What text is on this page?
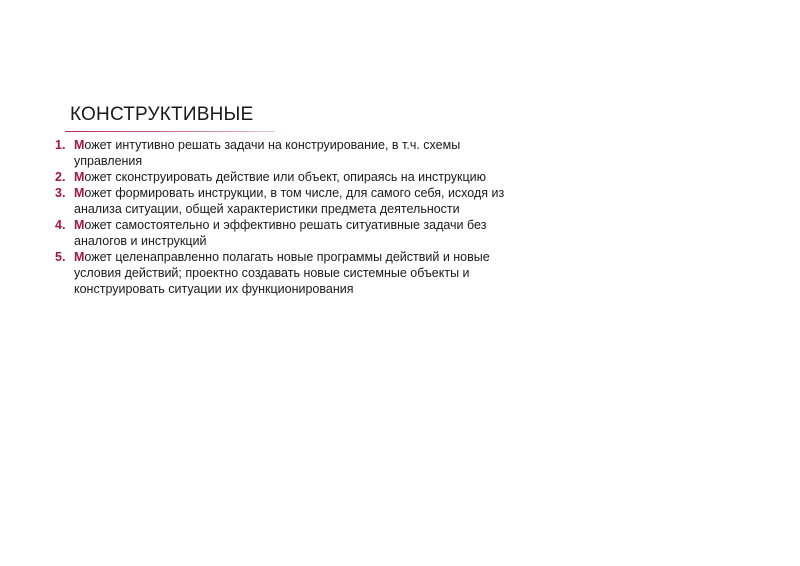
КОНСТРУКТИВНЫЕ
1. Может интутивно решать задачи на конструирование, в т.ч. схемы управления
2. Может сконструировать действие или объект, опираясь на инструкцию
3. Может формировать инструкции, в том числе, для самого себя, исходя из анализа ситуации, общей характеристики предмета деятельности
4. Может самостоятельно и эффективно решать ситуативные задачи без аналогов и инструкций
5. Может целенаправленно полагать новые программы действий и новые условия действий; проектно создавать новые системные объекты и конструировать ситуации их функционирования
